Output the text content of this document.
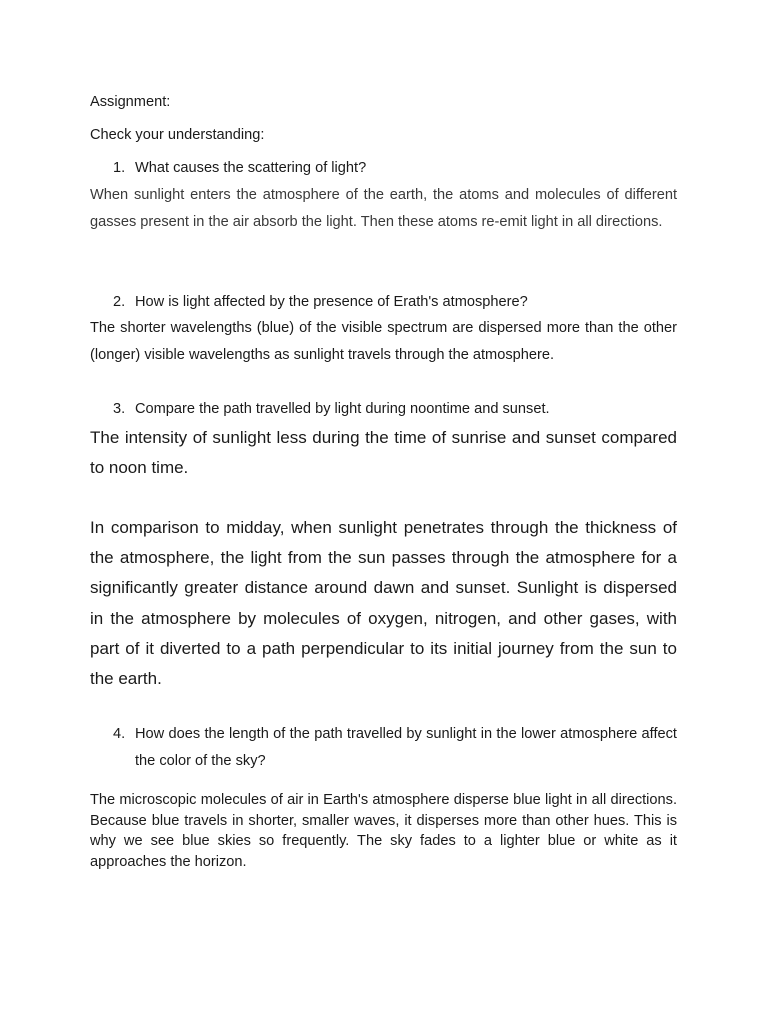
Assignment:

Check your understanding:

1. What causes the scattering of light?

When sunlight enters the atmosphere of the earth, the atoms and molecules of different gasses present in the air absorb the light. Then these atoms re-emit light in all directions.

2. How is light affected by the presence of Erath's atmosphere?

The shorter wavelengths (blue) of the visible spectrum are dispersed more than the other (longer) visible wavelengths as sunlight travels through the atmosphere.

3. Compare the path travelled by light during noontime and sunset.

The intensity of sunlight less during the time of sunrise and sunset compared to noon time.

In comparison to midday, when sunlight penetrates through the thickness of the atmosphere, the light from the sun passes through the atmosphere for a significantly greater distance around dawn and sunset. Sunlight is dispersed in the atmosphere by molecules of oxygen, nitrogen, and other gases, with part of it diverted to a path perpendicular to its initial journey from the sun to the earth.

4. How does the length of the path travelled by sunlight in the lower atmosphere affect the color of the sky?

The microscopic molecules of air in Earth's atmosphere disperse blue light in all directions. Because blue travels in shorter, smaller waves, it disperses more than other hues. This is why we see blue skies so frequently. The sky fades to a lighter blue or white as it approaches the horizon.
